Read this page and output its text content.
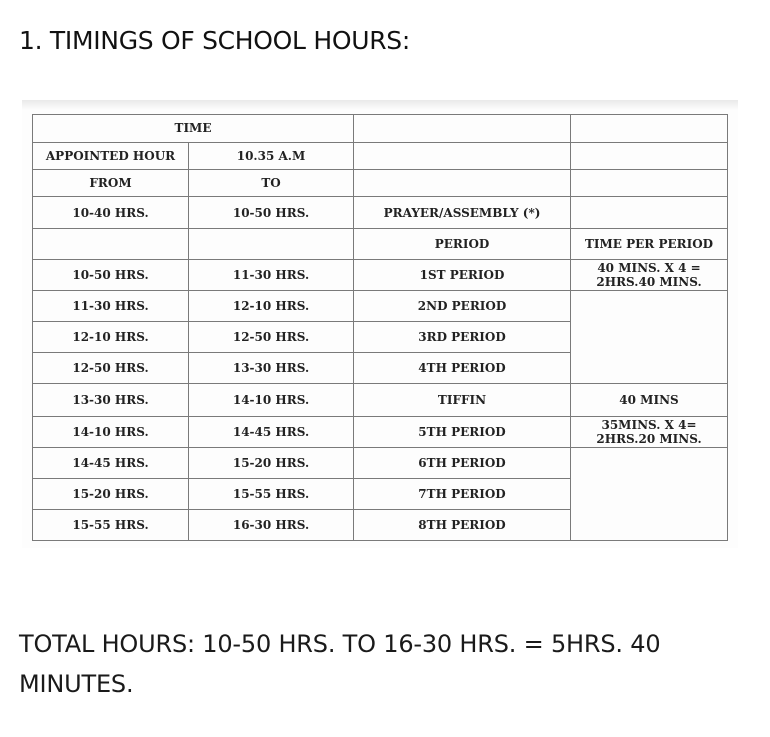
1. TIMINGS OF SCHOOL HOURS:
TIME			
APPOINTED HOUR	10.35 A.M		
FROM	TO		
10-40 HRS.	10-50 HRS.	PRAYER/ASSEMBLY (*)	
		PERIOD	TIME PER PERIOD
10-50 HRS.	11-30 HRS.	1ST PERIOD	40 MINS. X 4 =
2HRS.40 MINS.

11-30 HRS.	12-10 HRS.	2ND PERIOD	
12-10 HRS.	12-50 HRS.	3RD PERIOD	
12-50 HRS.	13-30 HRS.	4TH PERIOD	
13-30 HRS.	14-10 HRS.	TIFFIN	40 MINS
14-10 HRS.	14-45 HRS.	5TH PERIOD	35MINS. X 4=
2HRS.20 MINS.

14-45 HRS.	15-20 HRS.	6TH PERIOD	
15-20 HRS.	15-55 HRS.	7TH PERIOD	
15-55 HRS.	16-30 HRS.	8TH PERIOD	
TOTAL HOURS: 10-50 HRS. TO 16-30 HRS. = 5HRS. 40 MINUTES.
